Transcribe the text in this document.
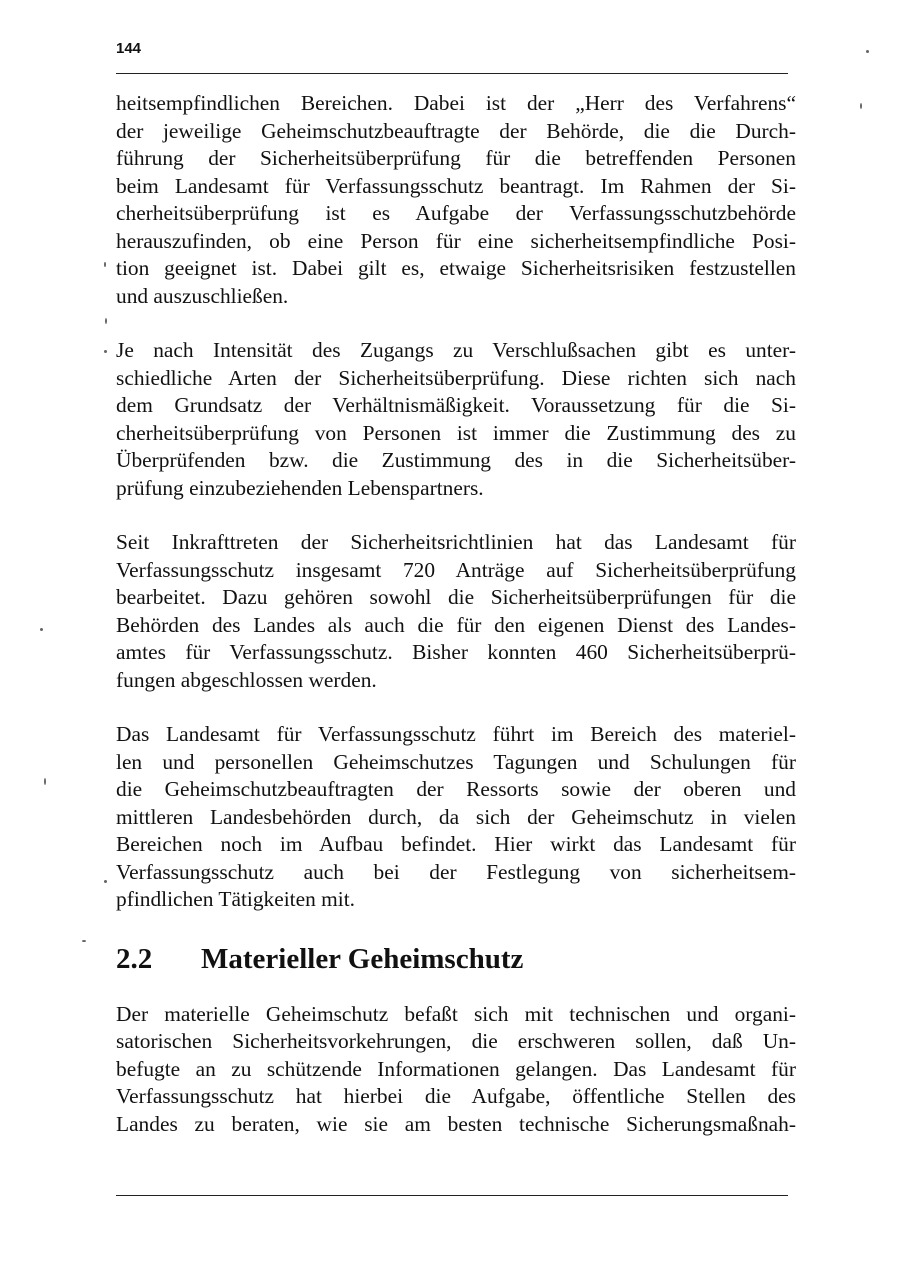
144
heitsempfindlichen Bereichen. Dabei ist der „Herr des Verfahrens“
der jeweilige Geheimschutzbeauftragte der Behörde, die die Durch-
führung der Sicherheitsüberprüfung für die betreffenden Personen
beim Landesamt für Verfassungsschutz beantragt. Im Rahmen der Si-
cherheitsüberprüfung ist es Aufgabe der Verfassungsschutzbehörde
herauszufinden, ob eine Person für eine sicherheitsempfindliche Posi-
tion geeignet ist. Dabei gilt es, etwaige Sicherheitsrisiken festzustellen
und auszuschließen.
Je nach Intensität des Zugangs zu Verschlußsachen gibt es unter-
schiedliche Arten der Sicherheitsüberprüfung. Diese richten sich nach
dem Grundsatz der Verhältnismäßigkeit. Voraussetzung für die Si-
cherheitsüberprüfung von Personen ist immer die Zustimmung des zu
Überprüfenden bzw. die Zustimmung des in die Sicherheitsüber-
prüfung einzubeziehenden Lebenspartners.
Seit Inkrafttreten der Sicherheitsrichtlinien hat das Landesamt für
Verfassungsschutz insgesamt 720 Anträge auf Sicherheitsüberprüfung
bearbeitet. Dazu gehören sowohl die Sicherheitsüberprüfungen für die
Behörden des Landes als auch die für den eigenen Dienst des Landes-
amtes für Verfassungsschutz. Bisher konnten 460 Sicherheitsüberprü-
fungen abgeschlossen werden.
Das Landesamt für Verfassungsschutz führt im Bereich des materiel-
len und personellen Geheimschutzes Tagungen und Schulungen für
die Geheimschutzbeauftragten der Ressorts sowie der oberen und
mittleren Landesbehörden durch, da sich der Geheimschutz in vielen
Bereichen noch im Aufbau befindet. Hier wirkt das Landesamt für
Verfassungsschutz auch bei der Festlegung von sicherheitsem-
pfindlichen Tätigkeiten mit.
2.2	Materieller Geheimschutz
Der materielle Geheimschutz befaßt sich mit technischen und organi-
satorischen Sicherheitsvorkehrungen, die erschweren sollen, daß Un-
befugte an zu schützende Informationen gelangen. Das Landesamt für
Verfassungsschutz hat hierbei die Aufgabe, öffentliche Stellen des
Landes zu beraten, wie sie am besten technische Sicherungsmaßnah-
